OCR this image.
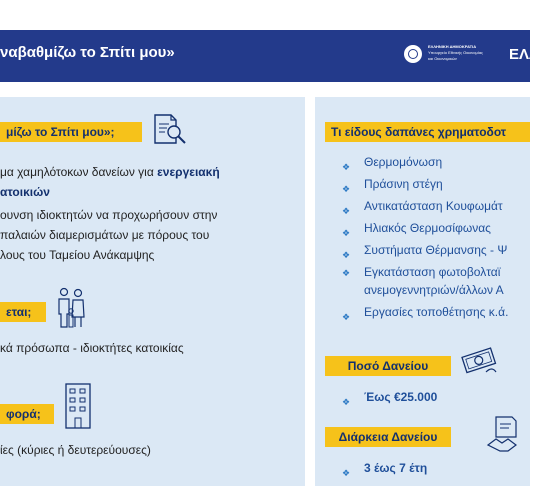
ναβαθμίζω το Σπίτι μου»	ΕΛΛΗΝΙΚΗ ΔΗΜΟΚΡΑΤΙΑ
Υπουργείο Εθνικής Οικονομίας
και Οικονομικών	ΕΛΛ
μίζω το Σπίτι μου»;
μα χαμηλότοκων δανείων για ενεργειακή
ατοικιών
ουνση ιδιοκτητών να προχωρήσουν στην
παλαιών διαμερισμάτων με πόρους του
λους του Ταμείου Ανάκαμψης
εται;
κά πρόσωπα - ιδιοκτήτες κατοικίας
φορά;
ίες (κύριες ή δευτερεύουσες)
Τι είδους δαπάνες χρηματοδοτ
❖ Θερμομόνωση
❖ Πράσινη στέγη
❖ Αντικατάσταση Κουφωμάτ
❖ Ηλιακός Θερμοσίφωνας
❖ Συστήματα Θέρμανσης - Ψ
❖ Εγκατάσταση φωτοβολταϊ
ανεμογεννητριών/άλλων Α
❖ Εργασίες τοποθέτησης κ.ά.
Ποσό Δανείου
❖ Έως €25.000
Διάρκεια Δανείου
❖ 3 έως 7 έτη
